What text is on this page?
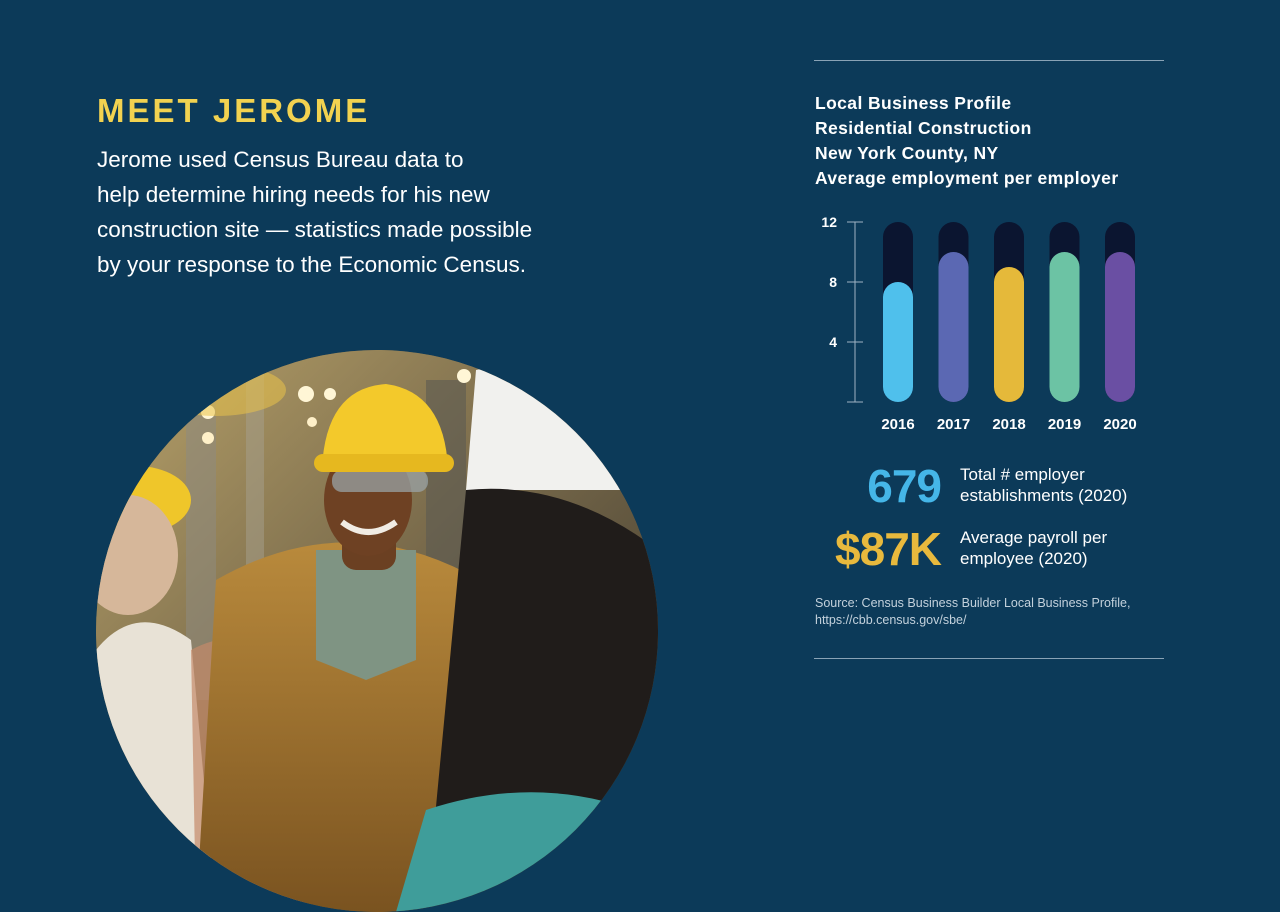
MEET JEROME

Jerome used Census Bureau data to
help determine hiring needs for his new
construction site — statistics made possible
by your response to the Economic Census.

Local Business Profile
Residential Construction
New York County, NY
Average employment per employer

4
8
12
2016 2017 2018 2019 2020
679 Total # employer establishments (2020)
$87K Average payroll per employee (2020)
Source: Census Business Builder Local Business Profile,
https://cbb.census.gov/sbe/
